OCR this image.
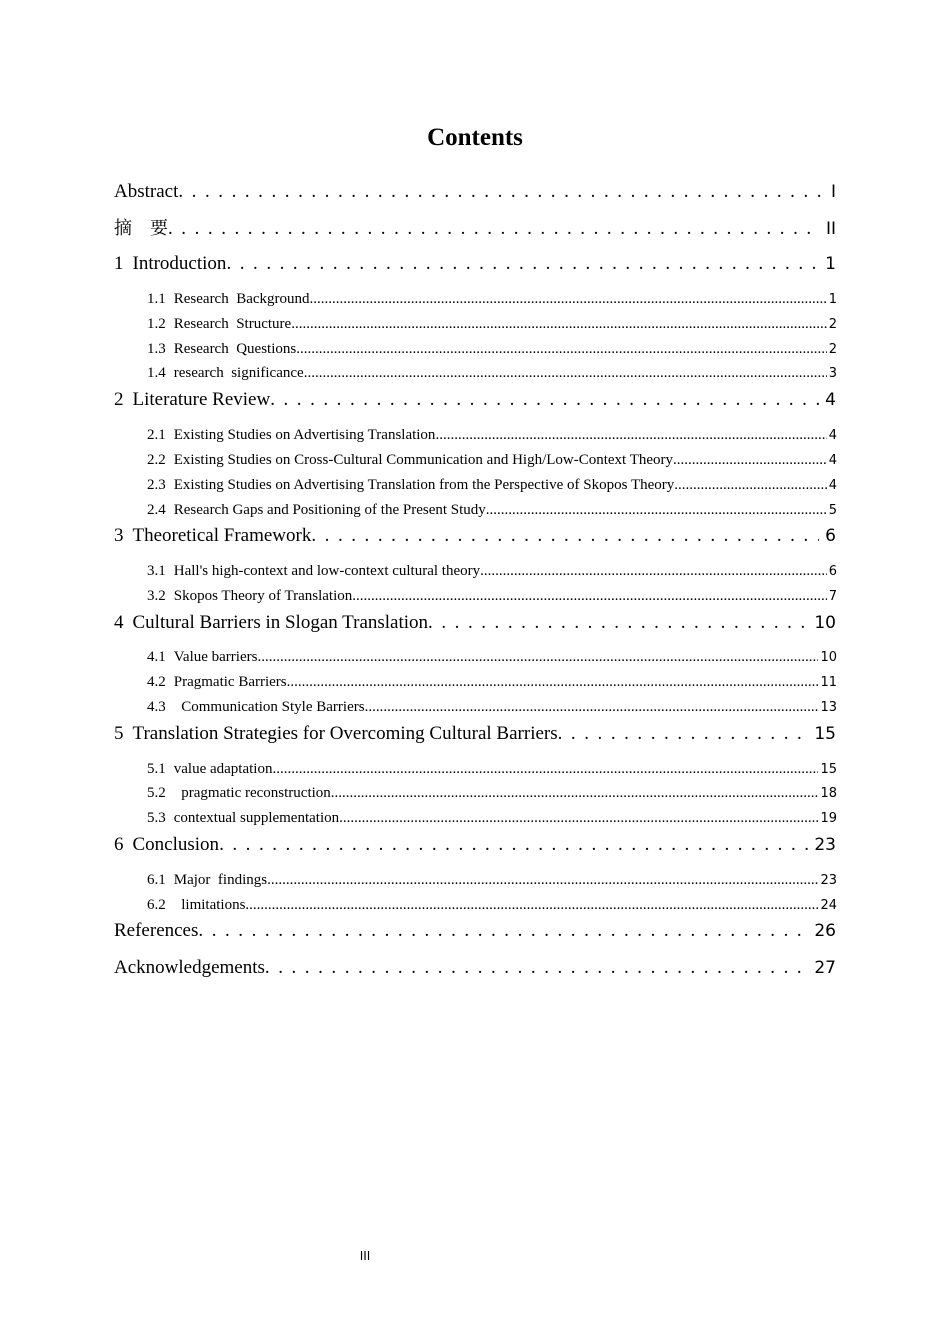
Contents
Abstract . . .	I
摘　要 . . .	II
1 Introduction . . .	1
1.1 Research  Background .....	1
1.2 Research  Structure .....	2
1.3 Research  Questions .....	2
1.4 research  significance .....	3
2 Literature Review . . .	4
2.1 Existing Studies on Advertising Translation .....	4
2.2 Existing Studies on Cross-Cultural Communication and High/Low-Context Theory .....	4
2.3 Existing Studies on Advertising Translation from the Perspective of Skopos Theory .....	4
2.4 Research Gaps and Positioning of the Present Study .....	5
3 Theoretical Framework . . .	6
3.1 Hall's high-context and low-context cultural theory .....	6
3.2 Skopos Theory of Translation .....	7
4 Cultural Barriers in Slogan Translation . . .	10
4.1 Value barriers .....	10
4.2 Pragmatic Barriers .....	11
4.3 Communication Style Barriers .....	13
5 Translation Strategies for Overcoming Cultural Barriers . . .	15
5.1 value adaptation .....	15
5.2 pragmatic reconstruction .....	18
5.3 contextual supplementation .....	19
6 Conclusion . . .	23
6.1 Major  findings .....	23
6.2 limitations .....	24
References . . .	26
Acknowledgements . . .	27
III
